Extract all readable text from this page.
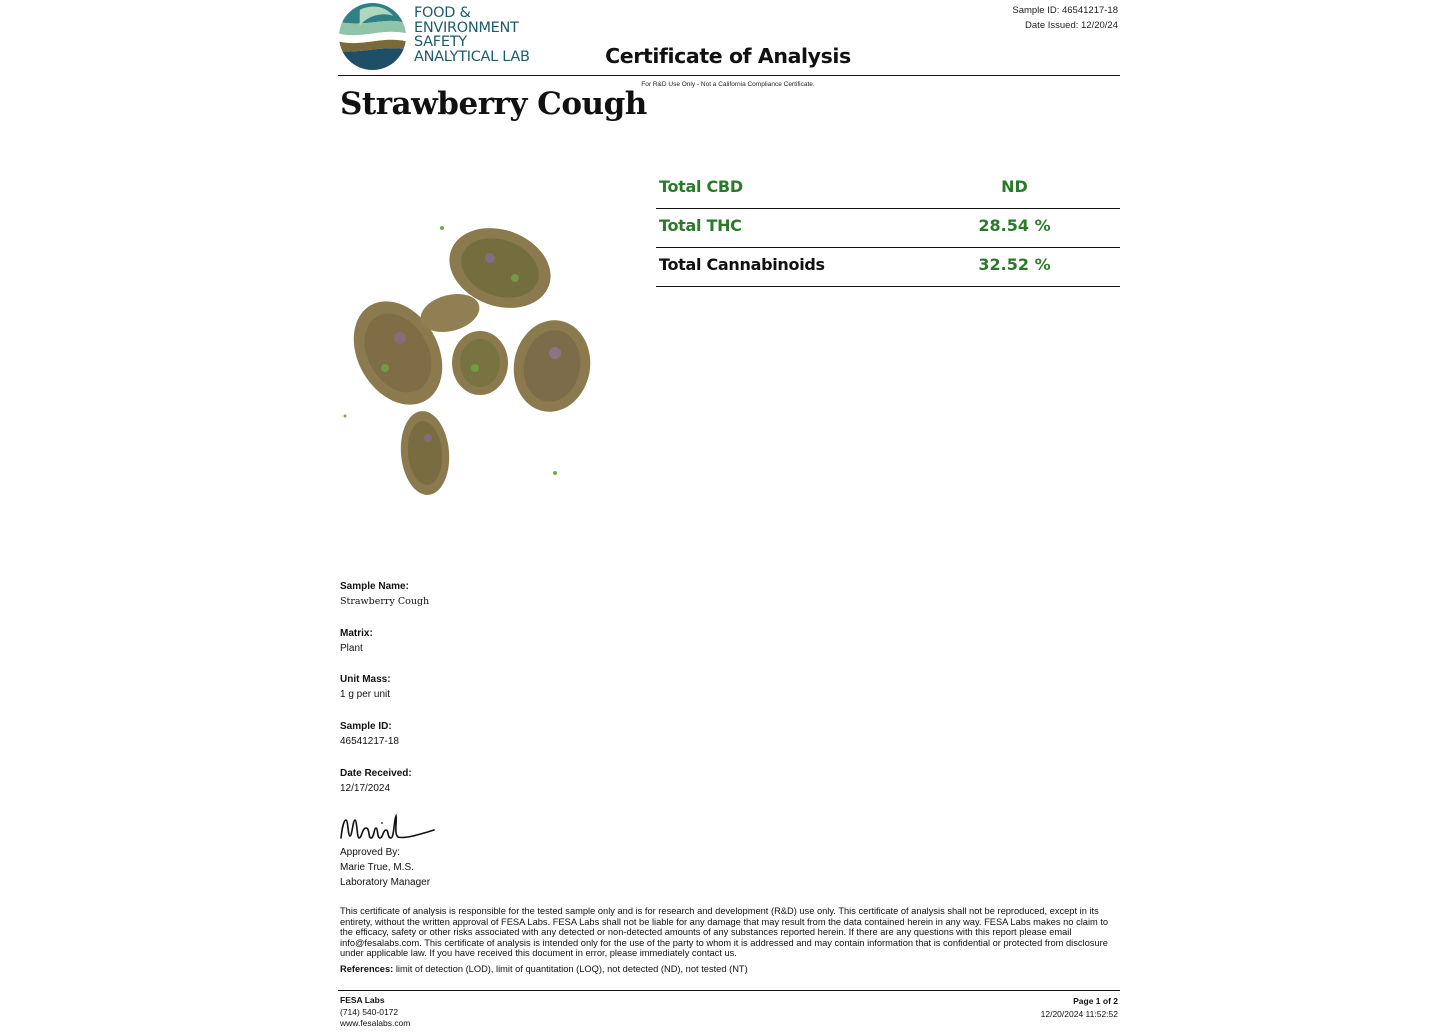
FOOD &
ENVIRONMENT
SAFETY
ANALYTICAL LAB
Sample ID: 46541217-18
Date Issued: 12/20/24
Certificate of Analysis
For R&D Use Only - Not a California Compliance Certificate.
Strawberry Cough
Total CBD	ND
Total THC	28.54 %
Total Cannabinoids	32.52 %
Sample Name:
Strawberry Cough
Matrix:
Plant
Unit Mass:
1 g per unit
Sample ID:
46541217-18
Date Received:
12/17/2024
Approved By:
Marie True, M.S.
Laboratory Manager
This certificate of analysis is responsible for the tested sample only and is for research and development (R&D) use only. This certificate of analysis shall not be reproduced, except in its entirety, without the written approval of FESA Labs. FESA Labs shall not be liable for any damage that may result from the data contained herein in any way. FESA Labs makes no claim to the efficacy, safety or other risks associated with any detected or non-detected amounts of any substances reported herein. If there are any questions with this report please email info@fesalabs.com. This certificate of analysis is intended only for the use of the party to whom it is addressed and may contain information that is confidential or protected from disclosure under applicable law. If you have received this document in error, please immediately contact us.
References: limit of detection (LOD), limit of quantitation (LOQ), not detected (ND), not tested (NT)
FESA Labs
(714) 540-0172
www.fesalabs.com
Page 1 of 2
12/20/2024 11:52:52
